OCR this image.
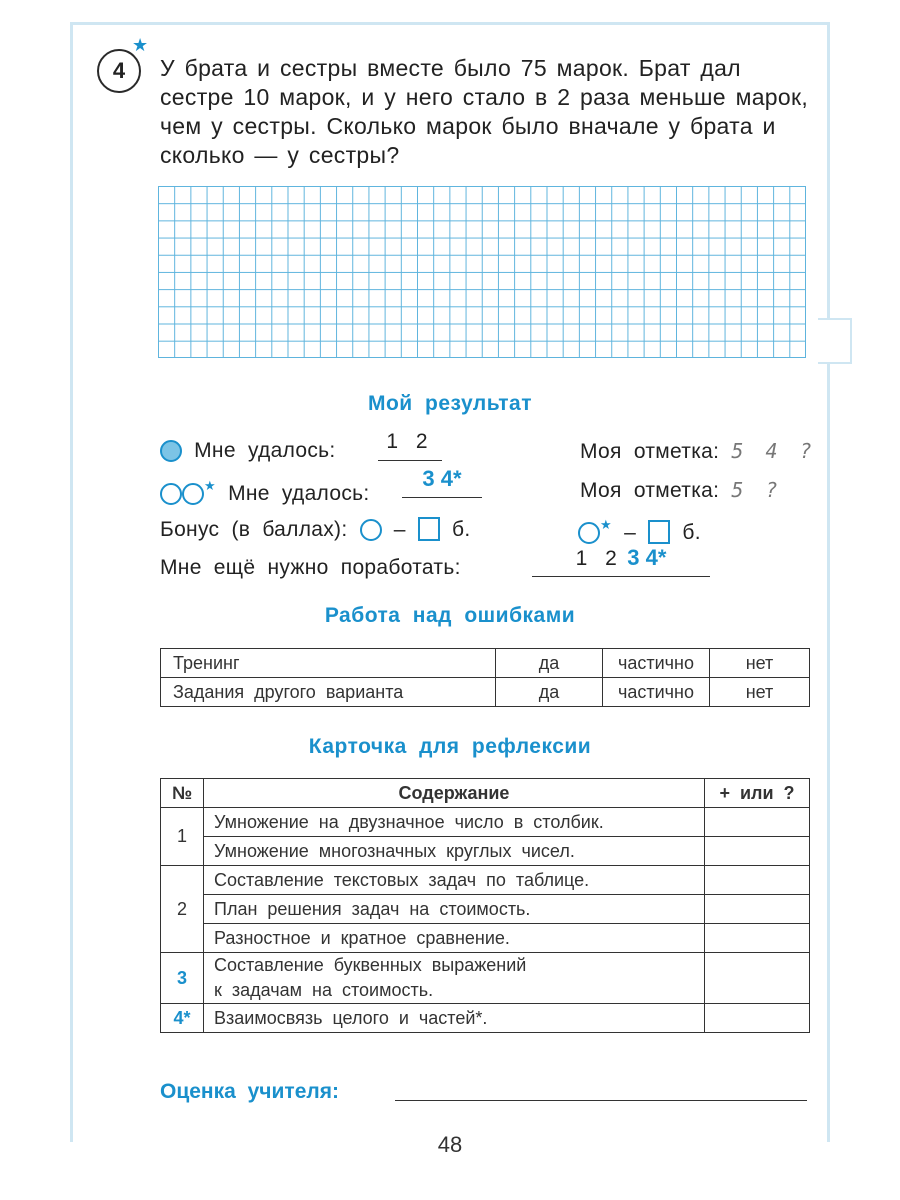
4
★
У брата и сестры вместе было 75 марок. Брат дал сестре 10 марок, и у него стало в 2 раза меньше марок, чем у сестры. Сколько марок было вначале у брата и сколько — у сестры?
Мой результат
Мне удалось:	1 2	Моя отметка: 5 4 ?
★ Мне удалось:
3 4*	Моя отметка: 5 ?
Бонус (в баллах): – б.	★ – б.
Мне ещё нужно поработать:	1 2 3 4*
Работа над ошибками
Тренинг	да	частично	нет
Задания другого варианта	да	частично	нет
Карточка для рефлексии
№	Содержание	+ или ?
1	Умножение на двузначное число в столбик.	
	Умножение многозначных круглых чисел.	
2	Составление текстовых задач по таблице.	
	План решения задач на стоимость.	
	Разностное и кратное сравнение.	
3	Составление буквенных выражений
к задачам на стоимость.	
4*	Взаимосвязь целого и частей*.	
Оценка учителя:
48
